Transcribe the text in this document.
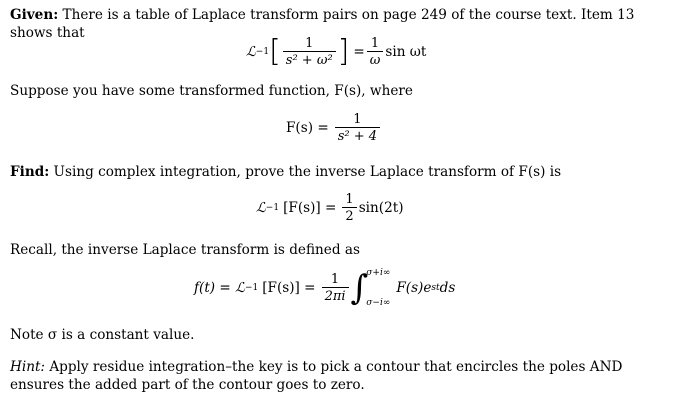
Given: There is a table of Laplace transform pairs on page 249 of the course text. Item 13 shows that
ℒ −1 [ $\frac{1}{\text{s² + ω²}}$ ] = $\frac{1}{\omega}$ sin ωt
Suppose you have some transformed function, F(s), where
$F(s) = \frac{1}{\text{s² + 4}}$
Find: Using complex integration, prove the inverse Laplace transform of F(s) is
ℒ −1 $[F(s)] = \frac{1}{2} \sin(2t)$
Recall, the inverse Laplace transform is defined as
f(t) = ℒ −1 $[F(s)] = \frac{1}{2\pi i}$ ∫
σ+i∞
σ−i∞
F(s)e st ds
Note σ is a constant value.
Hint: Apply residue integration–the key is to pick a contour that encircles the poles AND ensures the added part of the contour goes to zero.
